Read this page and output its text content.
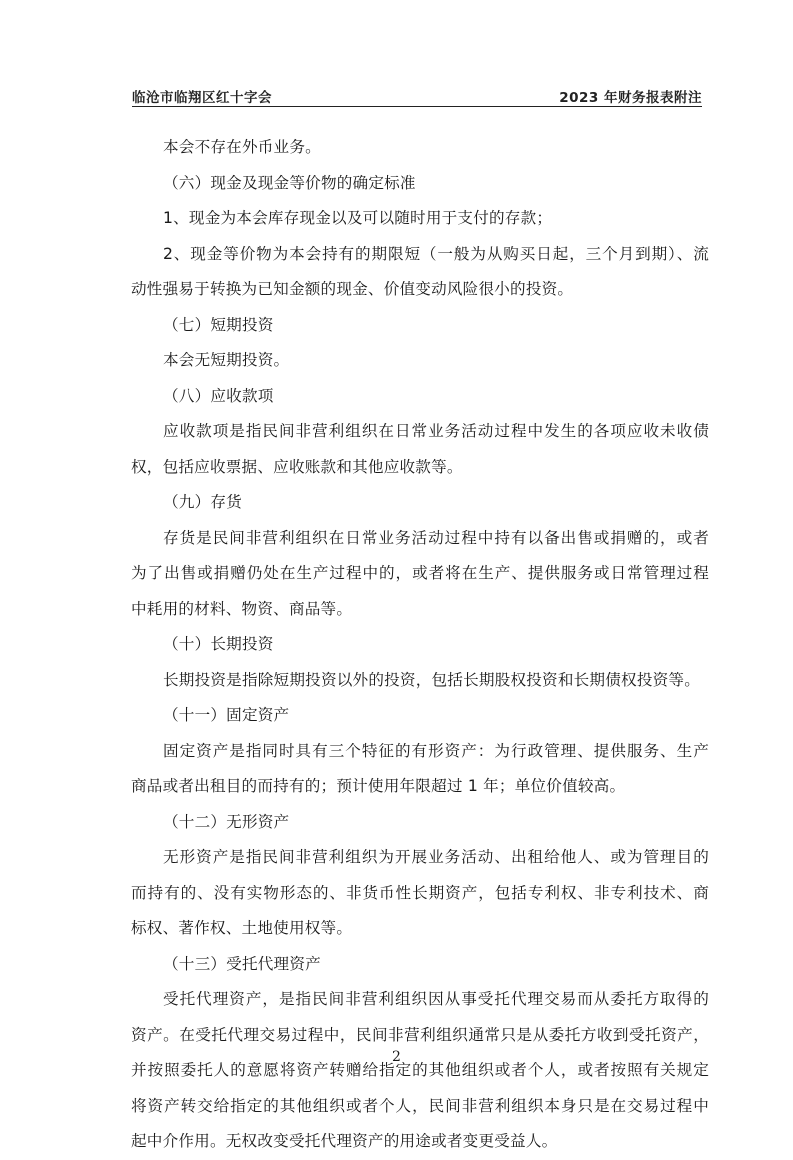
临沧市临翔区红十字会	2023 年财务报表附注

本会不存在外币业务。

（六）现金及现金等价物的确定标准

1、现金为本会库存现金以及可以随时用于支付的存款；

2、现金等价物为本会持有的期限短（一般为从购买日起，三个月到期）、流

动性强易于转换为已知金额的现金、价值变动风险很小的投资。

（七）短期投资

本会无短期投资。

（八）应收款项

应收款项是指民间非营利组织在日常业务活动过程中发生的各项应收未收债

权，包括应收票据、应收账款和其他应收款等。

（九）存货

存货是民间非营利组织在日常业务活动过程中持有以备出售或捐赠的，或者

为了出售或捐赠仍处在生产过程中的，或者将在生产、提供服务或日常管理过程

中耗用的材料、物资、商品等。

（十）长期投资

长期投资是指除短期投资以外的投资，包括长期股权投资和长期债权投资等。

（十一）固定资产

固定资产是指同时具有三个特征的有形资产：为行政管理、提供服务、生产

商品或者出租目的而持有的；预计使用年限超过 1 年；单位价值较高。

（十二）无形资产

无形资产是指民间非营利组织为开展业务活动、出租给他人、或为管理目的

而持有的、没有实物形态的、非货币性长期资产，包括专利权、非专利技术、商

标权、著作权、土地使用权等。

（十三）受托代理资产

受托代理资产，是指民间非营利组织因从事受托代理交易而从委托方取得的

资产。在受托代理交易过程中，民间非营利组织通常只是从委托方收到受托资产，

并按照委托人的意愿将资产转赠给指定的其他组织或者个人，或者按照有关规定

将资产转交给指定的其他组织或者个人，民间非营利组织本身只是在交易过程中

起中介作用。无权改变受托代理资产的用途或者变更受益人。

2
